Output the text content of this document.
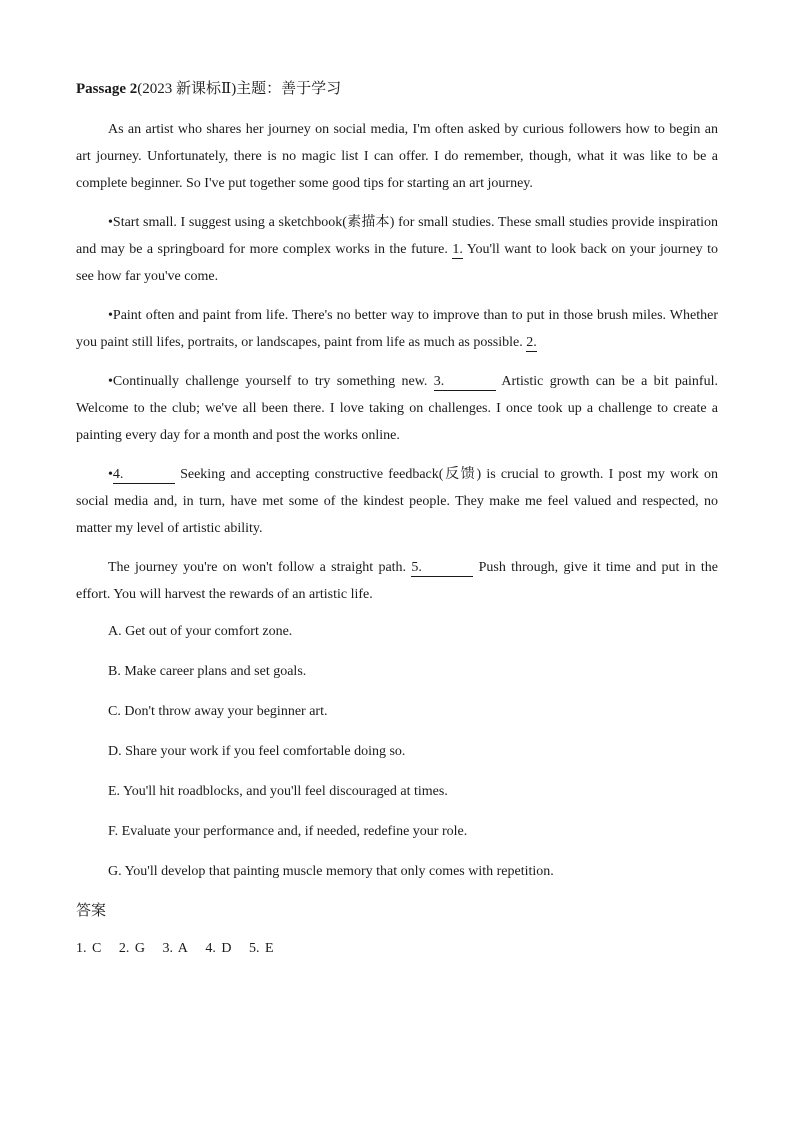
Passage 2(2023 新课标Ⅱ)主题：善于学习

As an artist who shares her journey on social media, I'm often asked by curious followers how to begin an art journey. Unfortunately, there is no magic list I can offer. I do remember, though, what it was like to be a complete beginner. So I've put together some good tips for starting an art journey.

•Start small. I suggest using a sketchbook(素描本) for small studies. These small studies provide inspiration and may be a springboard for more complex works in the future. 1. You'll want to look back on your journey to see how far you've come.

•Paint often and paint from life. There's no better way to improve than to put in those brush miles. Whether you paint still lifes, portraits, or landscapes, paint from life as much as possible. 2.

•Continually challenge yourself to try something new. 3.	Artistic growth can be a bit painful. Welcome to the club; we've all been there. I love taking on challenges. I once took up a challenge to create a painting every day for a month and post the works online.

•4.	Seeking and accepting constructive feedback(反馈) is crucial to growth. I post my work on social media and, in turn, have met some of the kindest people. They make me feel valued and respected, no matter my level of artistic ability.

The journey you're on won't follow a straight path. 5.	Push through, give it time and put in the effort. You will harvest the rewards of an artistic life.

A. Get out of your comfort zone.
B. Make career plans and set goals.
C. Don't throw away your beginner art.
D. Share your work if you feel comfortable doing so.
E. You'll hit roadblocks, and you'll feel discouraged at times.
F. Evaluate your performance and, if needed, redefine your role.
G. You'll develop that painting muscle memory that only comes with repetition.
答案
1. C 2. G 3. A 4. D 5. E
